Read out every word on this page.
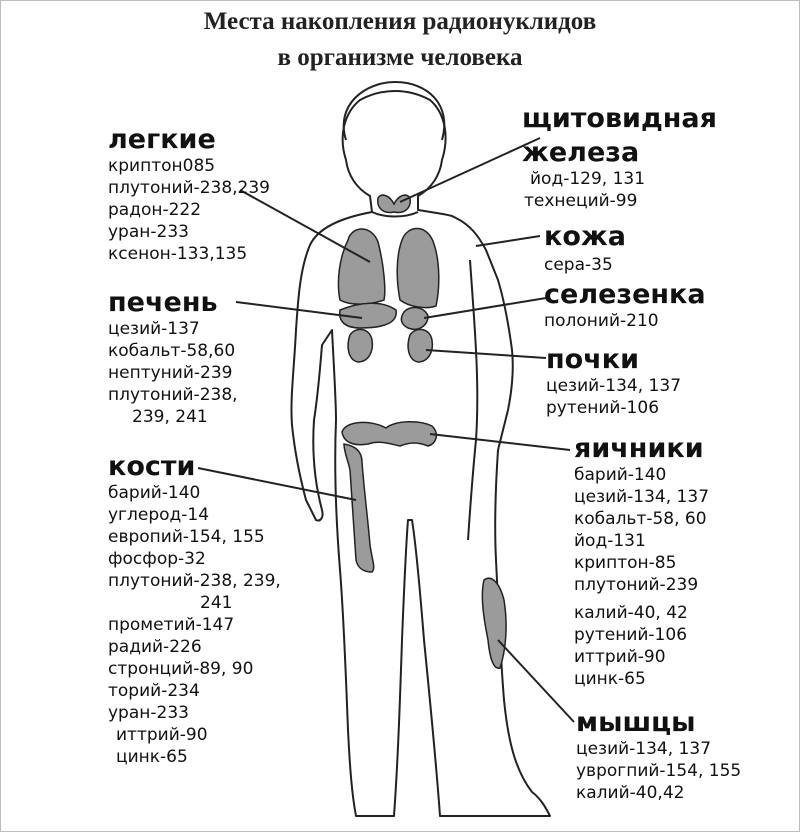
Места накопления радионуклидов
в организме человека
легкие
криптон085
плутоний-238,239
радон-222
уран-233
ксенон-133,135
печень
цезий-137
кобальт-58,60
нептуний-239
плутоний-238,
239, 241
кости
барий-140
углерод-14
европий-154, 155
фосфор-32
плутоний-238, 239,
241
прометий-147
радий-226
стронций-89, 90
торий-234
уран-233
иттрий-90
цинк-65
щитовидная
железа
йод-129, 131
технеций-99
кожа
сера-35
селезенка
полоний-210
почки
цезий-134, 137
рутений-106
яичники
барий-140
цезий-134, 137
кобальт-58, 60
йод-131
криптон-85
плутоний-239
калий-40, 42
рутений-106
иттрий-90
цинк-65
мышцы
цезий-134, 137
уврогпий-154, 155
калий-40,42
